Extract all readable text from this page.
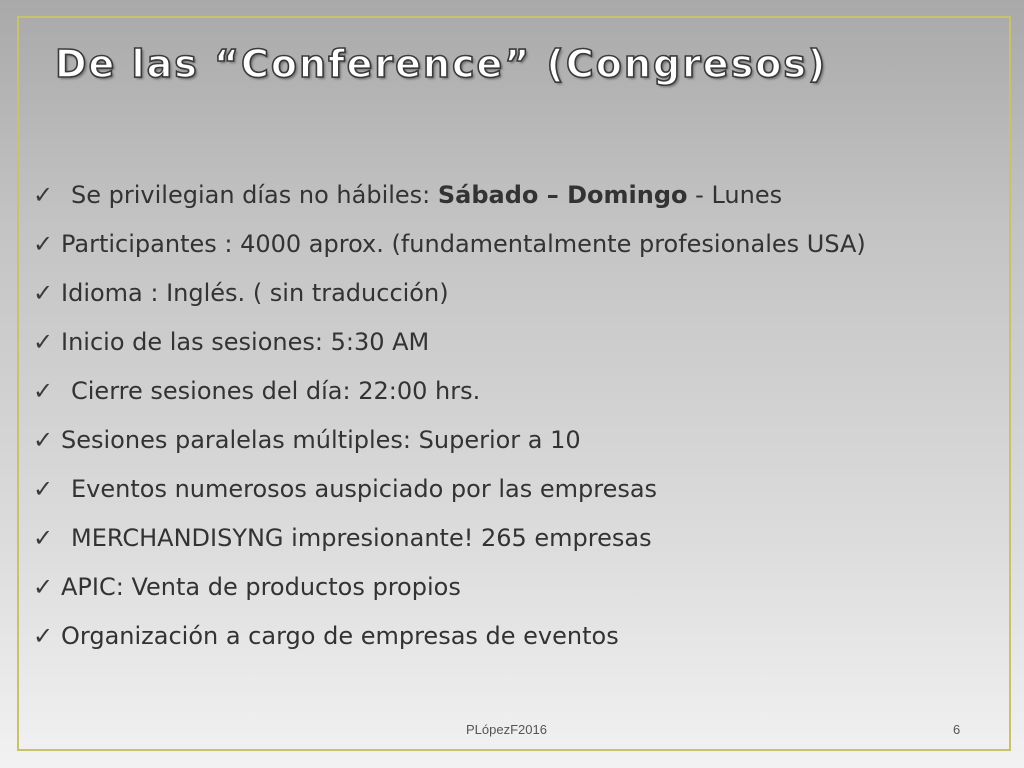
De las “Conference” (Congresos)
✓ Se privilegian días no hábiles: Sábado – Domingo - Lunes
✓ Participantes : 4000 aprox. (fundamentalmente profesionales USA)
✓ Idioma : Inglés. ( sin traducción)
✓ Inicio de las sesiones: 5:30 AM
✓ Cierre sesiones del día: 22:00 hrs.
✓ Sesiones paralelas múltiples: Superior a 10
✓ Eventos numerosos auspiciado por las empresas
✓ MERCHANDISYNG impresionante! 265 empresas
✓ APIC: Venta de productos propios
✓ Organización a cargo de empresas de eventos
PLópezF2016	6
